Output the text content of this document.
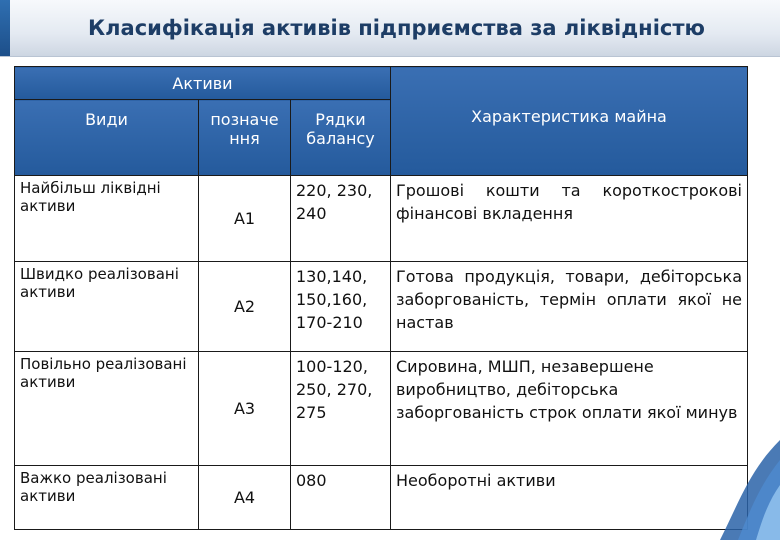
Класифікація активів підприємства за ліквідністю
Активи			Характеристика майна
Види	позначе ння	Рядки балансу	
Найбільш ліквідні активи	А1	220, 230, 240	Грошові кошти та короткострокові фінансові вкладення
Швидко реалізовані активи	А2	130,140, 150,160, 170-210	Готова продукція, товари, дебіторська заборгованість, термін оплати якої не настав
Повільно реалізовані активи	А3	100-120, 250, 270, 275	Сировина, МШП, незавершене виробництво, дебіторська заборгованість строк оплати якої минув
Важко реалізовані активи	А4	080	Необоротні активи
